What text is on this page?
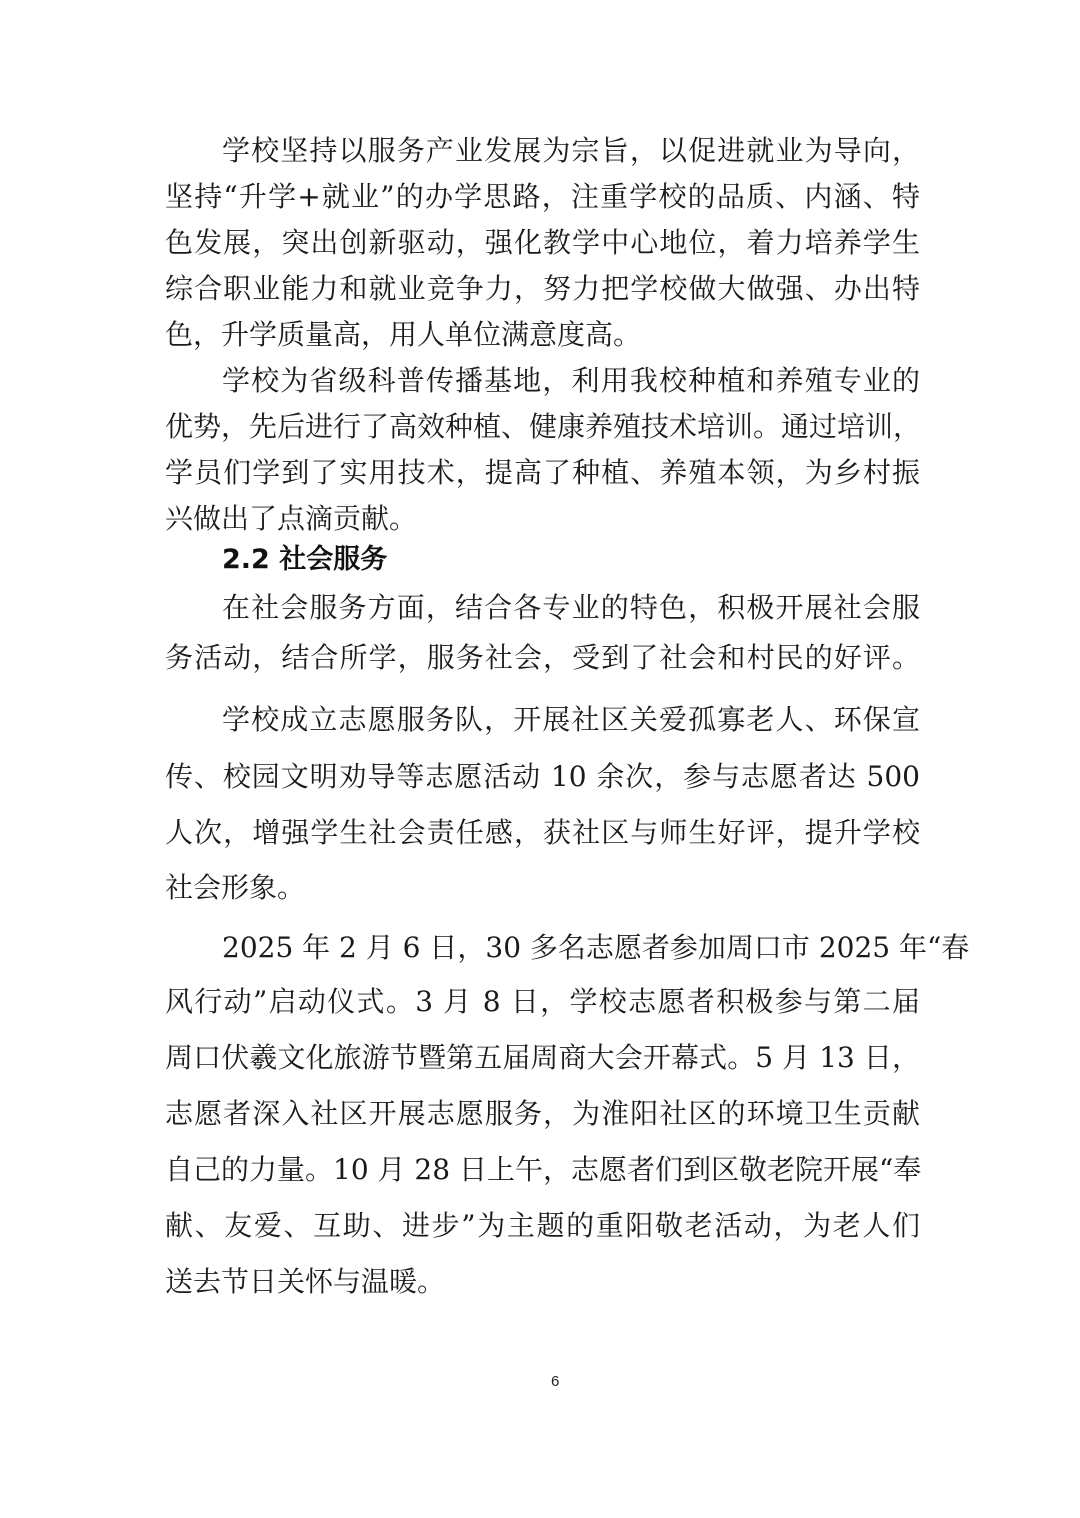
学校坚持以服务产业发展为宗旨，以促进就业为导向，
坚持“升学+就业”的办学思路，注重学校的品质、内涵、特
色发展，突出创新驱动，强化教学中心地位，着力培养学生
综合职业能力和就业竞争力，努力把学校做大做强、办出特
色，升学质量高，用人单位满意度高。
学校为省级科普传播基地，利用我校种植和养殖专业的
优势，先后进行了高效种植、健康养殖技术培训。通过培训，
学员们学到了实用技术，提高了种植、养殖本领，为乡村振
兴做出了点滴贡献。
2.2 社会服务
在社会服务方面，结合各专业的特色，积极开展社会服
务活动，结合所学，服务社会，受到了社会和村民的好评。
学校成立志愿服务队，开展社区关爱孤寡老人、环保宣
传、校园文明劝导等志愿活动 10 余次，参与志愿者达 500
人次，增强学生社会责任感，获社区与师生好评，提升学校
社会形象。
2025 年 2 月 6 日，30 多名志愿者参加周口市 2025 年“春
风行动”启动仪式。3 月 8 日，学校志愿者积极参与第二届
周口伏羲文化旅游节暨第五届周商大会开幕式。5 月 13 日，
志愿者深入社区开展志愿服务，为淮阳社区的环境卫生贡献
自己的力量。10 月 28 日上午，志愿者们到区敬老院开展“奉
献、友爱、互助、进步”为主题的重阳敬老活动，为老人们
送去节日关怀与温暖。
6
